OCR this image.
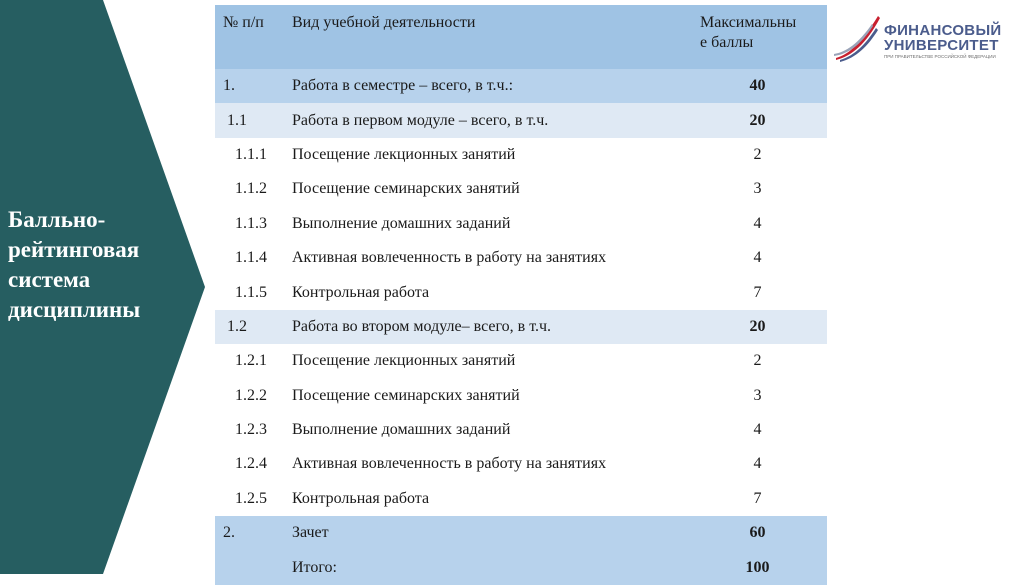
Балльно-рейтинговая система дисциплины

ФИНАНСОВЫЙ

УНИВЕРСИТЕТ

ПРИ ПРАВИТЕЛЬСТВЕ РОССИЙСКОЙ ФЕДЕРАЦИИ

№ п/п	Вид учебной деятельности	Максимальны
е баллы
1.	Работа в семестре – всего, в т.ч.:	40
1.1	Работа в первом модуле – всего, в т.ч.	20
1.1.1	Посещение лекционных занятий	2
1.1.2	Посещение семинарских занятий	3
1.1.3	Выполнение домашних заданий	4
1.1.4	Активная вовлеченность в работу на занятиях	4
1.1.5	Контрольная работа	7
1.2	Работа во втором модуле– всего, в т.ч.	20
1.2.1	Посещение лекционных занятий	2
1.2.2	Посещение семинарских занятий	3
1.2.3	Выполнение домашних заданий	4
1.2.4	Активная вовлеченность в работу на занятиях	4
1.2.5	Контрольная работа	7
2.	Зачет	60
	Итого:	100
